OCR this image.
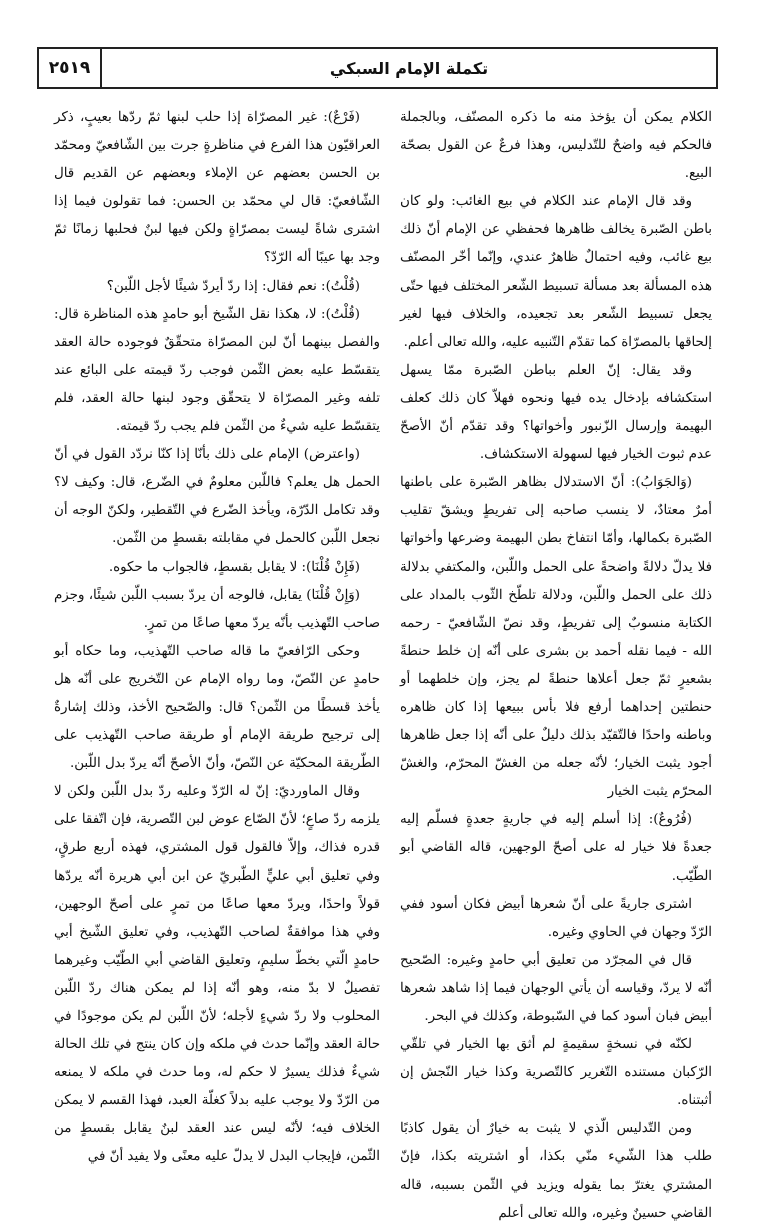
تكملة الإمام السبكي
٢٥١٩

الكلام يمكن أن يؤخذ منه ما ذكره المصنّف، وبالجملة فالحكم فيه واضحٌ للتّدليس، وهذا فرعٌ عن القول بصحّة البيع.

وقد قال الإمام عند الكلام في بيع الغائب: ولو كان باطن الصّبرة يخالف ظاهرها فحفظي عن الإمام أنّ ذلك بيع غائب، وفيه احتمالٌ ظاهرٌ عندي، وإنّما أخّر المصنّف هذه المسألة بعد مسألة تسبيط الشّعر المختلف فيها حتّى يجعل تسبيط الشّعر بعد تجعيده، والخلاف فيها لغير إلحاقها بالمصرّاة كما تقدّم التّنبيه عليه، والله تعالى أعلم.

وقد يقال: إنّ العلم بباطن الصّبرة ممّا يسهل استكشافه بإدخال يده فيها ونحوه فهلاّ كان ذلك كعلف البهيمة وإرسال الزّنبور وأخواتها؟ وقد تقدّم أنّ الأصحّ عدم ثبوت الخيار فيها لسهولة الاستكشاف.

(وَالجَوَابُ): أنّ الاستدلال بظاهر الصّبرة على باطنها أمرٌ معتادٌ، لا ينسب صاحبه إلى تفريطٍ ويشقّ تقليب الصّبرة بكمالها، وأمّا انتفاخ بطن البهيمة وضرعها وأخواتها فلا يدلّ دلالةً واضحةً على الحمل واللّبن، والمكتفي بدلالة ذلك على الحمل واللّبن، ودلالة تلطّخ الثّوب بالمداد على الكتابة منسوبٌ إلى تفريطٍ، وقد نصّ الشّافعيّ - رحمه الله - فيما نقله أحمد بن بشرى على أنّه إن خلط حنطةً بشعيرٍ ثمّ جعل أعلاها حنطةً لم يجز، وإن خلطهما أو حنطتين إحداهما أرفع فلا بأس ببيعها إذا كان ظاهره وباطنه واحدًا فالتّقيّد بذلك دليلٌ على أنّه إذا جعل ظاهرها أجود يثبت الخيار؛ لأنّه جعله من الغشّ المحرّم، والغشّ المحرّم يثبت الخيار

(فُرُوعٌ): إذا أسلم إليه في جاريةٍ جعدةٍ فسلّم إليه جعدةً فلا خيار له على أصحّ الوجهين، قاله القاضي أبو الطّيّب.

اشترى جاريةً على أنّ شعرها أبيض فكان أسود ففي الرّدّ وجهان في الحاوي وغيره.

قال في المجرّد من تعليق أبي حامدٍ وغيره: الصّحيح أنّه لا يردّ، وقياسه أن يأتي الوجهان فيما إذا شاهد شعرها أبيض فبان أسود كما في السّبوطة، وكذلك في البحر.

لكنّه في نسخةٍ سقيمةٍ لم أثق بها الخيار في تلقّي الرّكبان مستنده التّغرير كالتّصرية وكذا خيار النّجش إن أثبتناه.

ومن التّدليس الّذي لا يثبت به خيارٌ أن يقول كاذبًا طلب هذا الشّيء منّي بكذا، أو اشتريته بكذا، فإنّ المشتري يغترّ بما يقوله ويزيد في الثّمن بسببه، قاله القاضي حسينٌ وغيره، والله تعالى أعلم

(فَرْعٌ): غير المصرّاة إذا حلب لبنها ثمّ ردّها بعيبٍ، ذكر العراقيّون هذا الفرع في مناظرةٍ جرت بين الشّافعيّ ومحمّد بن الحسن بعضهم عن الإملاء وبعضهم عن القديم قال الشّافعيّ: قال لي محمّد بن الحسن: فما تقولون فيما إذا اشترى شاةً ليست بمصرّاةٍ ولكن فيها لبنٌ فحلبها زمانًا ثمّ وجد بها عيبًا أله الرّدّ؟

(قُلْتُ): نعم فقال: إذا ردّ أيردّ شيئًا لأجل اللّبن؟

(قُلْتُ): لا، هكذا نقل الشّيخ أبو حامدٍ هذه المناظرة قال: والفصل بينهما أنّ لبن المصرّاة متحقّقٌ فوجوده حالة العقد يتقسّط عليه بعض الثّمن فوجب ردّ قيمته على البائع عند تلفه وغير المصرّاة لا يتحقّق وجود لبنها حالة العقد، فلم يتقسّط عليه شيءٌ من الثّمن فلم يجب ردّ قيمته.

(واعترض) الإمام على ذلك بأنّا إذا كنّا نردّد القول في أنّ الحمل هل يعلم؟ فاللّبن معلومٌ في الضّرع، قال: وكيف لا؟ وقد تكامل الدّرّة، ويأخذ الضّرع في التّقطير، ولكنّ الوجه أن نجعل اللّبن كالحمل في مقابلته بقسطٍ من الثّمن.

(فَإِنْ قُلْنَا): لا يقابل بقسطٍ، فالجواب ما حكوه.

(وَإِنْ قُلْنَا) يقابل، فالوجه أن يردّ بسبب اللّبن شيئًا، وجزم صاحب التّهذيب بأنّه يردّ معها صاعًا من تمرٍ.

وحكى الرّافعيّ ما قاله صاحب التّهذيب، وما حكاه أبو حامدٍ عن النّصّ، وما رواه الإمام عن التّخريج على أنّه هل يأخذ قسطًا من الثّمن؟ قال: والصّحيح الأخذ، وذلك إشارةٌ إلى ترجيح طريقة الإمام أو طريقة صاحب التّهذيب على الطّريقة المحكيّة عن النّصّ، وأنّ الأصحّ أنّه يردّ بدل اللّبن.

وقال الماورديّ: إنّ له الرّدّ وعليه ردّ بدل اللّبن ولكن لا يلزمه ردّ صاعٍ؛ لأنّ الصّاع عوض لبن التّصرية، فإن اتّفقا على قدره فذاك، وإلاّ فالقول قول المشتري، فهذه أربع طرقٍ، وفي تعليق أبي عليٍّ الطّبريّ عن ابن أبي هريرة أنّه يردّها قولاً واحدًا، ويردّ معها صاعًا من تمرٍ على أصحّ الوجهين، وفي هذا موافقةٌ لصاحب التّهذيب، وفي تعليق الشّيخ أبي حامدٍ الّتي بخطّ سليمٍ، وتعليق القاضي أبي الطّيّب وغيرهما تفصيلٌ لا بدّ منه، وهو أنّه إذا لم يمكن هناك ردّ اللّبن المحلوب ولا ردّ شيءٍ لأجله؛ لأنّ اللّبن لم يكن موجودًا في حالة العقد وإنّما حدث في ملكه وإن كان ينتج في تلك الحالة شيءٌ فذلك يسيرٌ لا حكم له، وما حدث في ملكه لا يمنعه من الرّدّ ولا يوجب عليه بدلاً كغلّة العبد، فهذا القسم لا يمكن الخلاف فيه؛ لأنّه ليس عند العقد لبنٌ يقابل بقسطٍ من الثّمن، فإيجاب البدل لا يدلّ عليه معنًى ولا يفيد أنّ في
